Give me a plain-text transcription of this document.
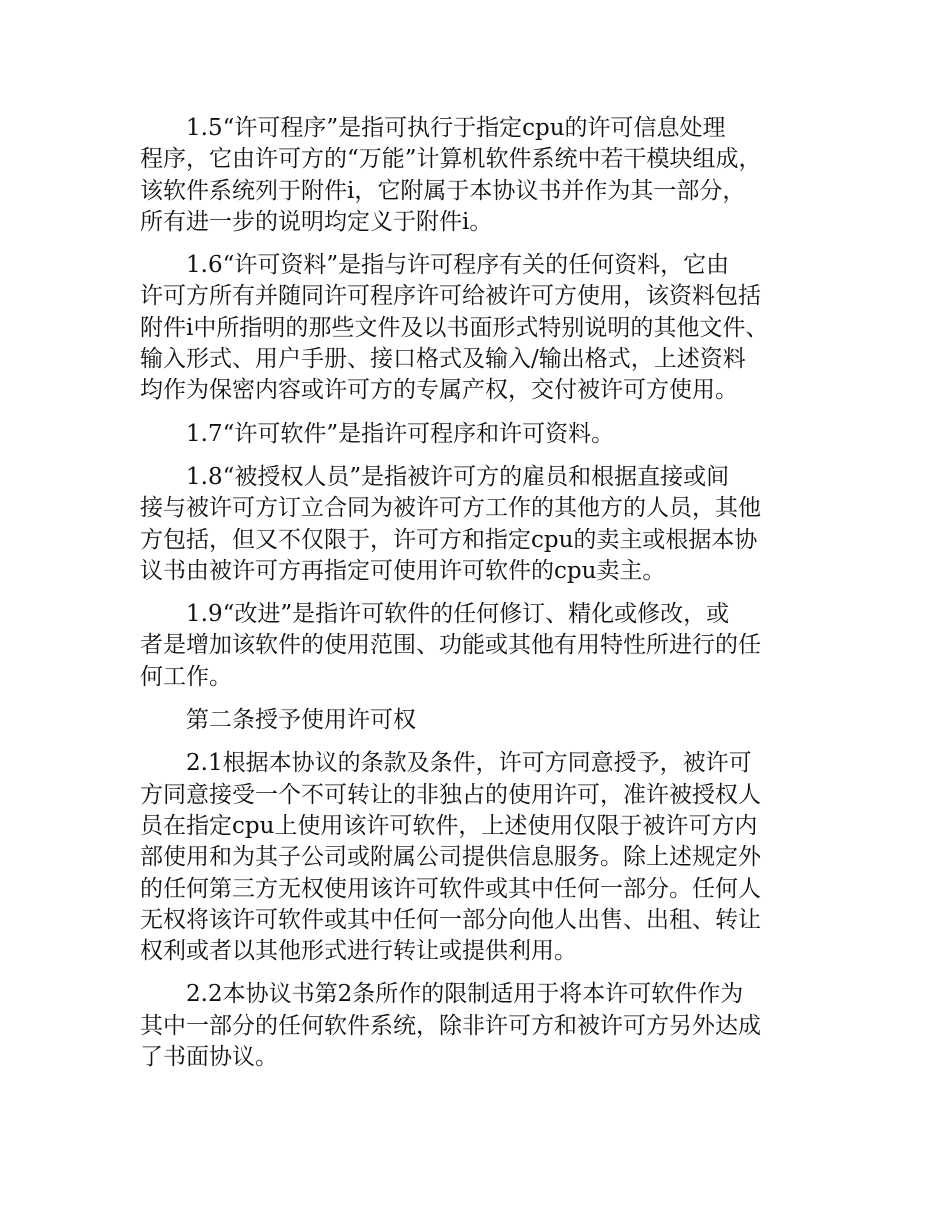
1.5“许可程序”是指可执行于指定cpu的许可信息处理
程序，它由许可方的“万能”计算机软件系统中若干模块组成，
该软件系统列于附件i，它附属于本协议书并作为其一部分，
所有进一步的说明均定义于附件i。

1.6“许可资料”是指与许可程序有关的任何资料，它由
许可方所有并随同许可程序许可给被许可方使用，该资料包括
附件i中所指明的那些文件及以书面形式特别说明的其他文件、
输入形式、用户手册、接口格式及输入/输出格式，上述资料
均作为保密内容或许可方的专属产权，交付被许可方使用。

1.7“许可软件”是指许可程序和许可资料。

1.8“被授权人员”是指被许可方的雇员和根据直接或间
接与被许可方订立合同为被许可方工作的其他方的人员，其他
方包括，但又不仅限于，许可方和指定cpu的卖主或根据本协
议书由被许可方再指定可使用许可软件的cpu卖主。

1.9“改进”是指许可软件的任何修订、精化或修改，或
者是增加该软件的使用范围、功能或其他有用特性所进行的任
何工作。

第二条授予使用许可权

2.1根据本协议的条款及条件，许可方同意授予，被许可
方同意接受一个不可转让的非独占的使用许可，准许被授权人
员在指定cpu上使用该许可软件，上述使用仅限于被许可方内
部使用和为其子公司或附属公司提供信息服务。除上述规定外
的任何第三方无权使用该许可软件或其中任何一部分。任何人
无权将该许可软件或其中任何一部分向他人出售、出租、转让
权利或者以其他形式进行转让或提供利用。

2.2本协议书第2条所作的限制适用于将本许可软件作为
其中一部分的任何软件系统，除非许可方和被许可方另外达成
了书面协议。
